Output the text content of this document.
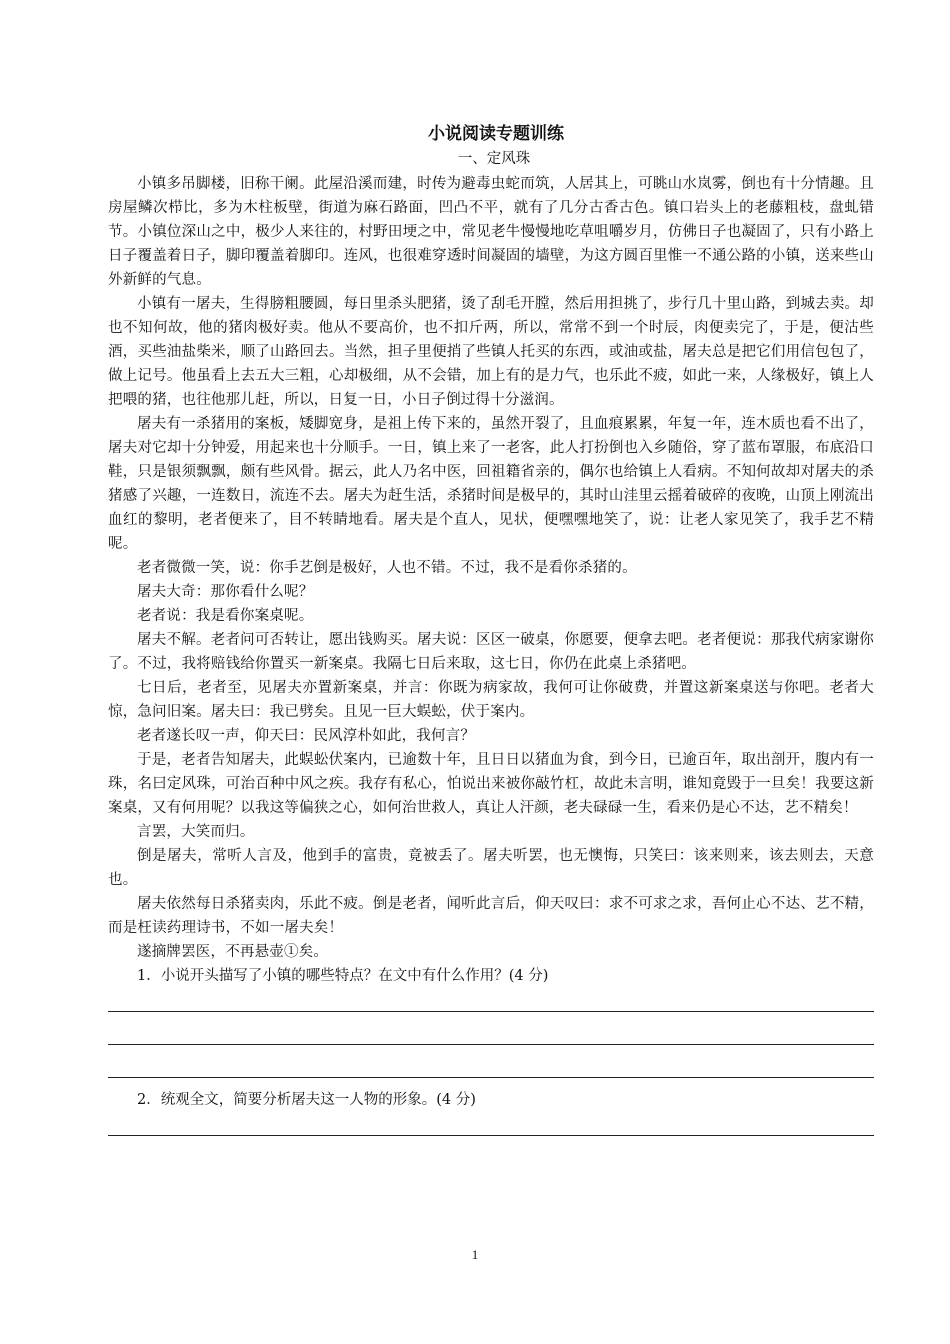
小说阅读专题训练
一、定风珠

小镇多吊脚楼，旧称干阑。此屋沿溪而建，时传为避毒虫蛇而筑，人居其上，可眺山水岚雾，倒也有十分情趣。且房屋鳞次栉比，多为木柱板壁，街道为麻石路面，凹凸不平，就有了几分古香古色。镇口岩头上的老藤粗枝，盘虬错节。小镇位深山之中，极少人来往的，村野田埂之中，常见老牛慢慢地吃草咀嚼岁月，仿佛日子也凝固了，只有小路上日子覆盖着日子，脚印覆盖着脚印。连风，也很难穿透时间凝固的墙壁，为这方圆百里惟一不通公路的小镇，送来些山外新鲜的气息。

小镇有一屠夫，生得膀粗腰圆，每日里杀头肥猪，烫了刮毛开膛，然后用担挑了，步行几十里山路，到城去卖。却也不知何故，他的猪肉极好卖。他从不要高价，也不扣斤两，所以，常常不到一个时辰，肉便卖完了，于是，便沽些酒，买些油盐柴米，顺了山路回去。当然，担子里便捎了些镇人托买的东西，或油或盐，屠夫总是把它们用信包包了，做上记号。他虽看上去五大三粗，心却极细，从不会错，加上有的是力气，也乐此不疲，如此一来，人缘极好，镇上人把喂的猪，也往他那儿赶，所以，日复一日，小日子倒过得十分滋润。

屠夫有一杀猪用的案板，矮脚宽身，是祖上传下来的，虽然开裂了，且血痕累累，年复一年，连木质也看不出了，屠夫对它却十分钟爱，用起来也十分顺手。一日，镇上来了一老客，此人打扮倒也入乡随俗，穿了蓝布罩服，布底沿口鞋，只是银须飘飘，颇有些风骨。据云，此人乃名中医，回祖籍省亲的，偶尔也给镇上人看病。不知何故却对屠夫的杀猪感了兴趣，一连数日，流连不去。屠夫为赶生活，杀猪时间是极早的，其时山洼里云摇着破碎的夜晚，山顶上刚流出血红的黎明，老者便来了，目不转睛地看。屠夫是个直人，见状，便嘿嘿地笑了，说：让老人家见笑了，我手艺不精呢。

老者微微一笑，说：你手艺倒是极好，人也不错。不过，我不是看你杀猪的。

屠夫大奇：那你看什么呢？

老者说：我是看你案桌呢。

屠夫不解。老者问可否转让，愿出钱购买。屠夫说：区区一破桌，你愿要，便拿去吧。老者便说：那我代病家谢你了。不过，我将赔钱给你置买一新案桌。我隔七日后来取，这七日，你仍在此桌上杀猪吧。

七日后，老者至，见屠夫亦置新案桌，并言：你既为病家故，我何可让你破费，并置这新案桌送与你吧。老者大惊，急问旧案。屠夫曰：我已劈矣。且见一巨大蜈蚣，伏于案内。

老者遂长叹一声，仰天曰：民风淳朴如此，我何言？

于是，老者告知屠夫，此蜈蚣伏案内，已逾数十年，且日日以猪血为食，到今日，已逾百年，取出剖开，腹内有一珠，名曰定风珠，可治百种中风之疾。我存有私心，怕说出来被你敲竹杠，故此未言明，谁知竟毁于一旦矣！我要这新案桌，又有何用呢？以我这等偏狭之心，如何治世救人，真让人汗颜，老夫碌碌一生，看来仍是心不达，艺不精矣！

言罢，大笑而归。

倒是屠夫，常听人言及，他到手的富贵，竟被丢了。屠夫听罢，也无懊悔，只笑曰：该来则来，该去则去，天意也。

屠夫依然每日杀猪卖肉，乐此不疲。倒是老者，闻听此言后，仰天叹曰：求不可求之求，吾何止心不达、艺不精，而是枉读药理诗书，不如一屠夫矣！

遂摘牌罢医，不再悬壶①矣。

1．小说开头描写了小镇的哪些特点？在文中有什么作用？(4 分)

2．统观全文，简要分析屠夫这一人物的形象。(4 分)

1
